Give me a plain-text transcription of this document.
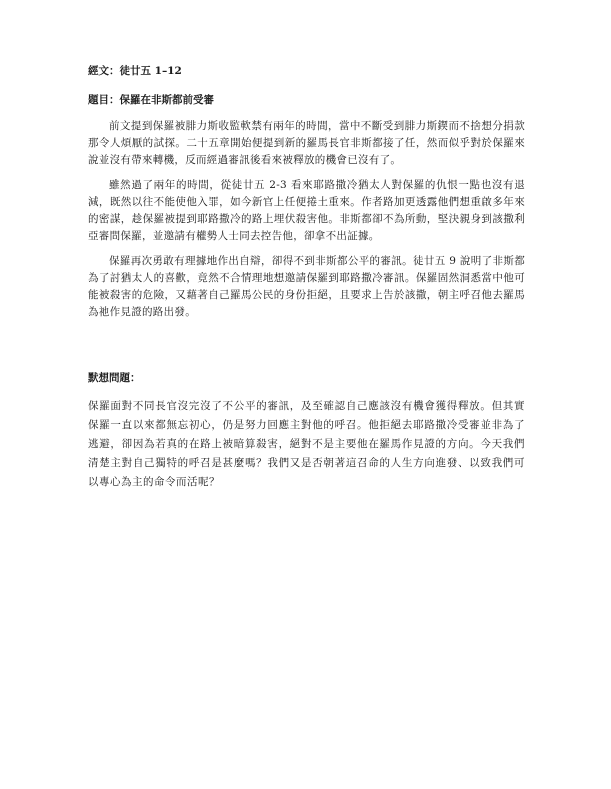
經文：徒廿五 1–12
題目：保羅在非斯都前受審

前文提到保羅被腓力斯收監軟禁有兩年的時間，當中不斷受到腓力斯鍥而不捨想分捐款那令人煩厭的試探。二十五章開始便提到新的羅馬長官非斯都接了任，然而似乎對於保羅來說並沒有帶來轉機，反而經過審訊後看來被釋放的機會已沒有了。

雖然過了兩年的時間，從徒廿五 2-3 看來耶路撒冷猶太人對保羅的仇恨一點也沒有退減，既然以往不能使他入罪，如今新官上任便捲土重來。作者路加更透露他們想重啟多年來的密謀，趁保羅被提到耶路撒冷的路上埋伏殺害他。非斯都卻不為所動，堅決親身到該撒利亞審問保羅，並邀請有權勢人士同去控告他，卻拿不出証據。

保羅再次勇敢有理據地作出自辯，卻得不到非斯都公平的審訊。徒廿五 9 說明了非斯都為了討猶太人的喜歡，竟然不合情理地想邀請保羅到耶路撒冷審訊。保羅固然洞悉當中他可能被殺害的危險，又藉著自己羅馬公民的身份拒絕，且要求上告於該撒，朝主呼召他去羅馬為祂作見證的路出發。

默想問題：

保羅面對不同長官沒完沒了不公平的審訊，及至確認自己應該沒有機會獲得釋放。但其實保羅一直以來都無忘初心，仍是努力回應主對他的呼召。他拒絕去耶路撒冷受審並非為了逃避，卻因為若真的在路上被暗算殺害，絕對不是主要他在羅馬作見證的方向。今天我們清楚主對自己獨特的呼召是甚麼嗎？我們又是否朝著這召命的人生方向進發、以致我們可以專心為主的命令而活呢？
